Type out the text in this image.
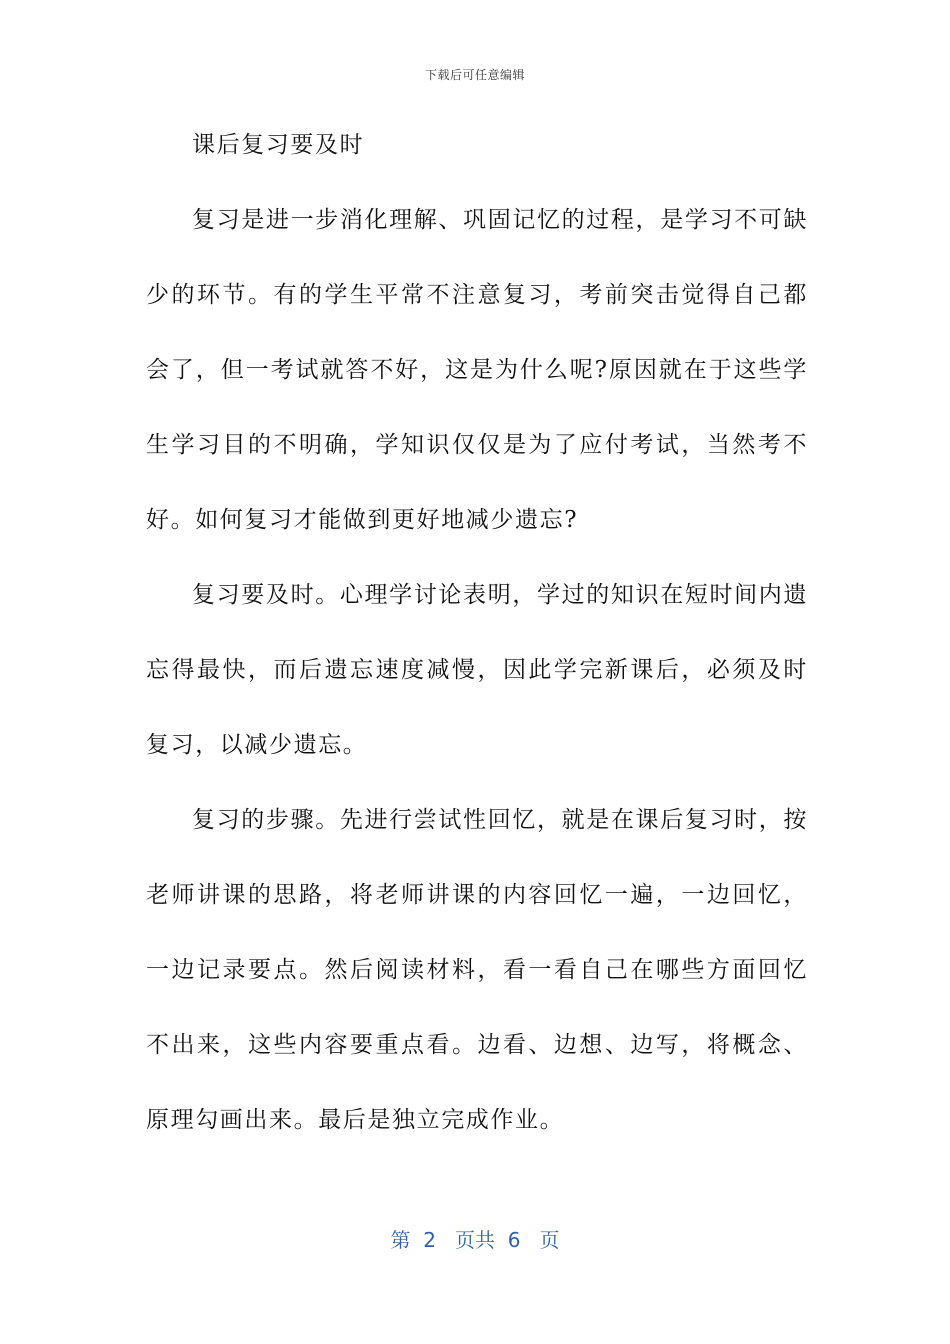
下载后可任意编辑

课后复习要及时

复习是进一步消化理解、巩固记忆的过程，是学习不可缺少的环节。有的学生平常不注意复习，考前突击觉得自己都会了，但一考试就答不好，这是为什么呢?原因就在于这些学生学习目的不明确，学知识仅仅是为了应付考试，当然考不好。如何复习才能做到更好地减少遗忘?

复习要及时。心理学讨论表明，学过的知识在短时间内遗忘得最快，而后遗忘速度减慢，因此学完新课后，必须及时复习，以减少遗忘。

复习的步骤。先进行尝试性回忆，就是在课后复习时，按老师讲课的思路，将老师讲课的内容回忆一遍，一边回忆，一边记录要点。然后阅读材料，看一看自己在哪些方面回忆不出来，这些内容要重点看。边看、边想、边写，将概念、原理勾画出来。最后是独立完成作业。

第  2   页共  6   页
